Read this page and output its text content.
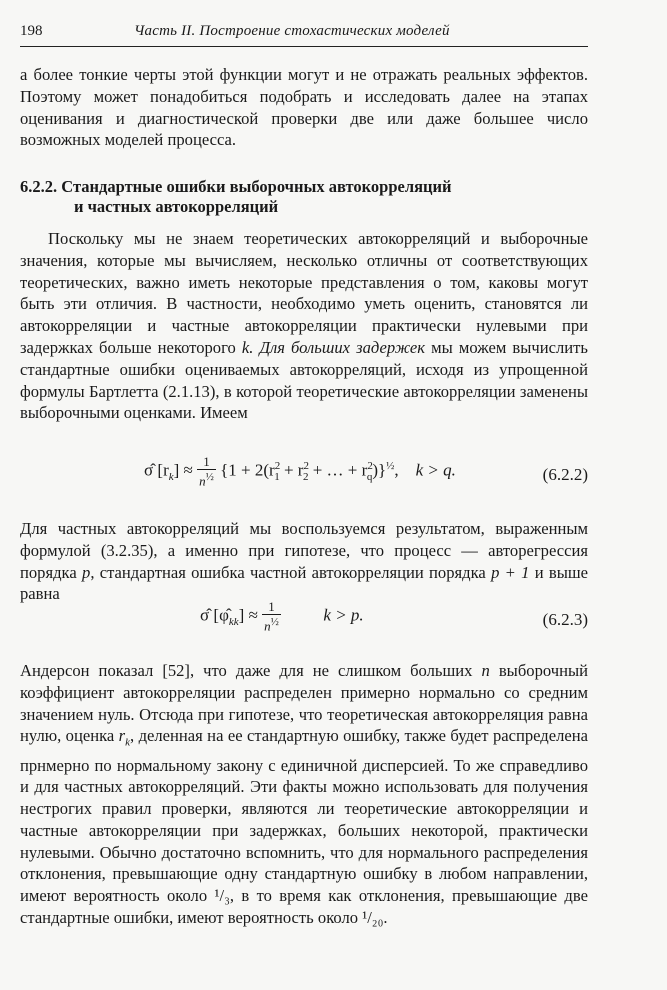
198	Часть II. Построение стохастических моделей

а более тонкие черты этой функции могут и не отражать реальных эффектов. Поэтому может понадобиться подобрать и исследовать далее на этапах оценивания и диагностической проверки две или даже большее число возможных моделей процесса.

6.2.2. Стандартные ошибки выборочных автокорреляций
и частных автокорреляций

Поскольку мы не знаем теоретических автокорреляций и выборочные значения, которые мы вычисляем, несколько отличны от соответствующих теоретических, важно иметь некоторые представления о том, каковы могут быть эти отличия. В частности, необходимо уметь оценить, становятся ли автокорреляции и частные автокорреляции практически нулевыми при задержках больше некоторого k. Для больших задержек мы можем вычислить стандартные ошибки оцениваемых автокорреляций, исходя из упрощенной формулы Бартлетта (2.1.13), в которой теоретические автокорреляции заменены выборочными оценками. Имеем

σ̂ $[r_k] \approx \frac{1}{n^{\frac{1}{2}}} \{1 + 2(r^2_1 + r^2_2$ + … + $r^2_q)\}^{\frac{1}{2}}$,    k > q.	(6.2.2)

Для частных автокорреляций мы воспользуемся результатом, выраженным формулой (3.2.35), а именно при гипотезе, что процесс — авторегрессия порядка p, стандартная ошибка частной автокорреляции порядка p + 1 и выше равна

σ̂ $[\varphî_{kk}] \approx \frac{1}{n^{\frac{1}{2}}}$	k > p.	(6.2.3)

Андерсон показал [52], что даже для не слишком больших n выборочный коэффициент автокорреляции распределен примерно нормально со средним значением нуль. Отсюда при гипотезе, что теоретическая автокорреляция равна нулю, оценка $r_k$, деленная на ее стандартную ошибку, также будет распределена прнмерно по нормальному закону с единичной дисперсией. То же справедливо и для частных автокорреляций. Эти факты можно использовать для получения нестрогих правил проверки, являются ли теоретические автокорреляции и частные автокорреляции при задержках, больших некоторой, практически нулевыми. Обычно достаточно вспомнить, что для нормального распределения отклонения, превышающие одну стандартную ошибку в любом направлении, имеют вероятность около ¹/₃, в то время как отклонения, превышающие две стандартные ошибки, имеют вероятность около ¹/₂₀.
